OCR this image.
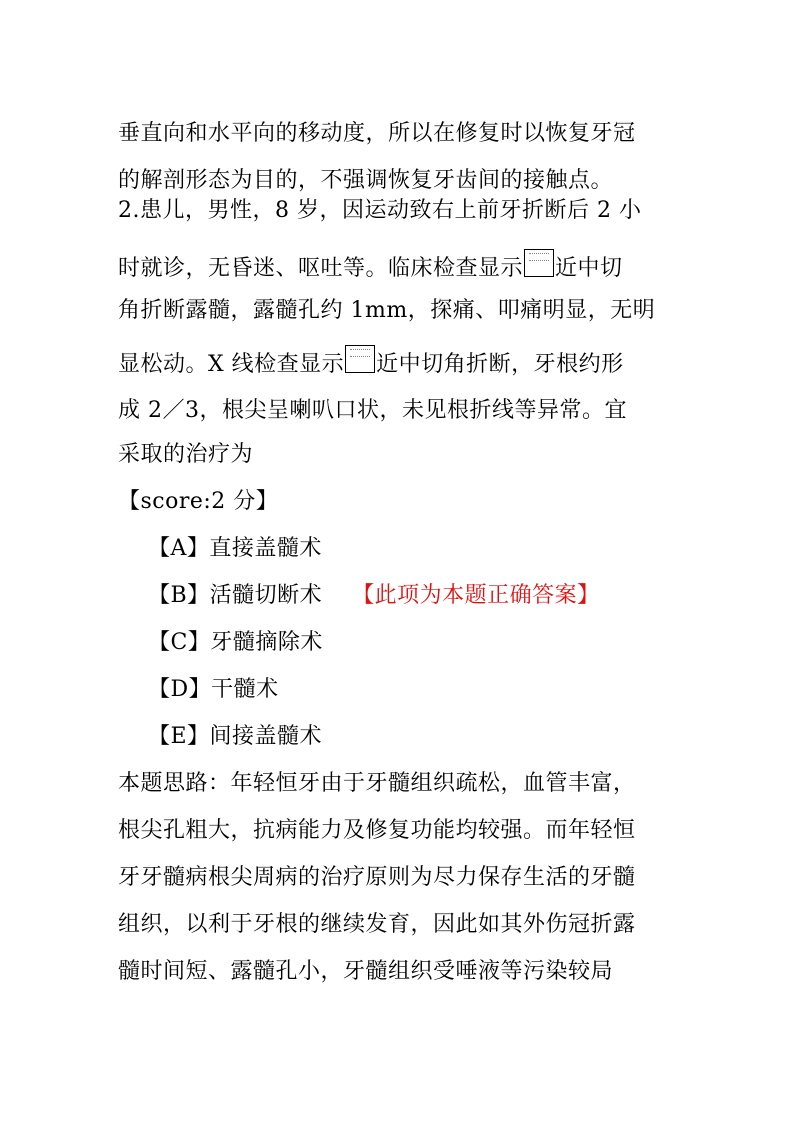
垂直向和水平向的移动度，所以在修复时以恢复牙冠
的解剖形态为目的，不强调恢复牙齿间的接触点。
2.患儿，男性，8 岁，因运动致右上前牙折断后 2 小
时就诊，无昏迷、呕吐等。临床检查显示 近中切
角折断露髓，露髓孔约 1mm，探痛、叩痛明显，无明
显松动。X 线检查显示 近中切角折断，牙根约形
成 2／3，根尖呈喇叭口状，未见根折线等异常。宜
采取的治疗为
【score:2 分】
【A】直接盖髓术
【B】活髓切断术 【此项为本题正确答案】
【C】牙髓摘除术
【D】干髓术
【E】间接盖髓术
本题思路：年轻恒牙由于牙髓组织疏松，血管丰富，
根尖孔粗大，抗病能力及修复功能均较强。而年轻恒
牙牙髓病根尖周病的治疗原则为尽力保存生活的牙髓
组织，以利于牙根的继续发育，因此如其外伤冠折露
髓时间短、露髓孔小，牙髓组织受唾液等污染较局
